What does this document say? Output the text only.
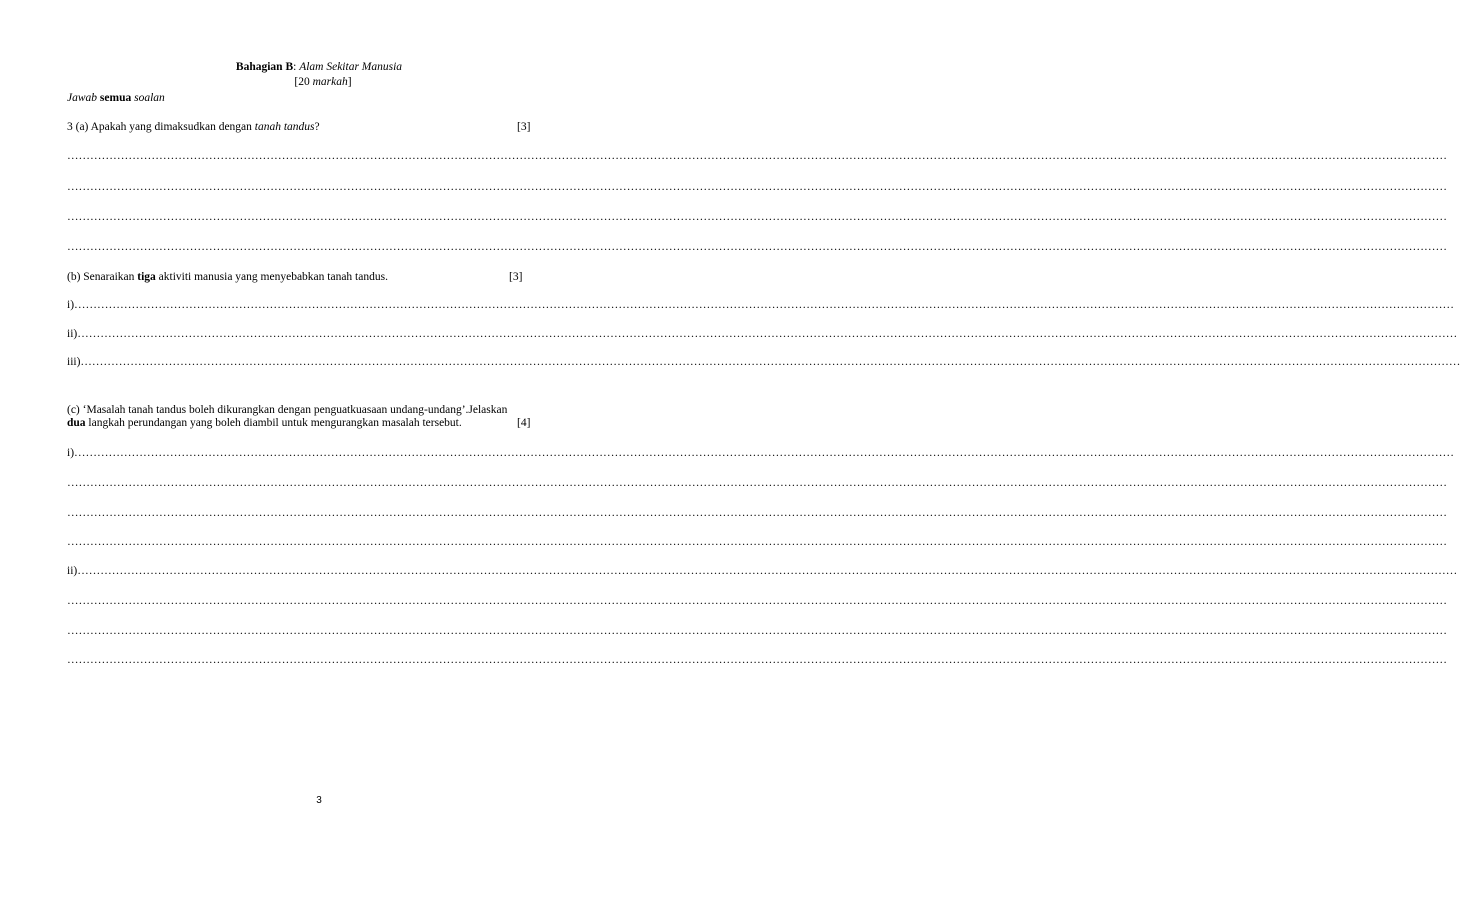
Bahagian B: Alam Sekitar Manusia
[20 markah]
Jawab semua soalan
3 (a) Apakah yang dimaksudkan dengan tanah tandus?	[3]
………………………………………………………………………………………………………………………………………………………………………………………………………………………………………………………………………………………………………………………………
………………………………………………………………………………………………………………………………………………………………………………………………………………………………………………………………………………………………………………………………
………………………………………………………………………………………………………………………………………………………………………………………………………………………………………………………………………………………………………………………………
………………………………………………………………………………………………………………………………………………………………………………………………………………………………………………………………………………………………………………………………
(b) Senaraikan tiga aktiviti manusia yang menyebabkan tanah tandus.	[3]
i)………………………………………………………………………………………………………………………………………………………………………………………………………………………………………………………………………………………………………………………………
ii)………………………………………………………………………………………………………………………………………………………………………………………………………………………………………………………………………………………………………………………………
iii)………………………………………………………………………………………………………………………………………………………………………………………………………………………………………………………………………………………………………………………………
(c) ‘Masalah tanah tandus boleh dikurangkan dengan penguatkuasaan undang-undang’.Jelaskan
dua langkah perundangan yang boleh diambil untuk mengurangkan masalah tersebut.	[4]
i)………………………………………………………………………………………………………………………………………………………………………………………………………………………………………………………………………………………………………………………………
………………………………………………………………………………………………………………………………………………………………………………………………………………………………………………………………………………………………………………………………
………………………………………………………………………………………………………………………………………………………………………………………………………………………………………………………………………………………………………………………………
………………………………………………………………………………………………………………………………………………………………………………………………………………………………………………………………………………………………………………………………
ii)………………………………………………………………………………………………………………………………………………………………………………………………………………………………………………………………………………………………………………………………
………………………………………………………………………………………………………………………………………………………………………………………………………………………………………………………………………………………………………………………………
………………………………………………………………………………………………………………………………………………………………………………………………………………………………………………………………………………………………………………………………
………………………………………………………………………………………………………………………………………………………………………………………………………………………………………………………………………………………………………………………………
3
